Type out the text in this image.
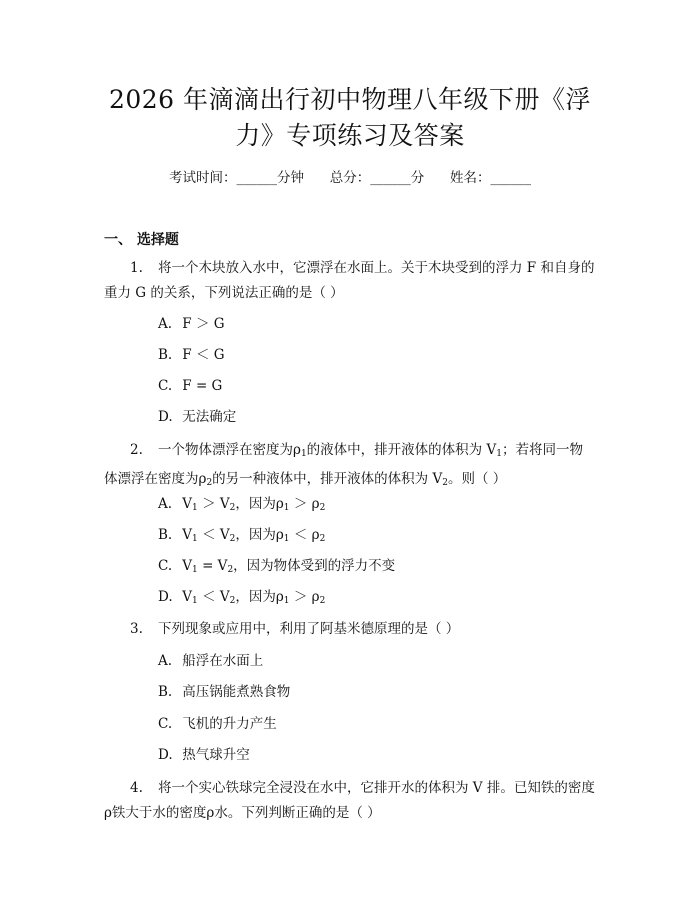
2026 年滴滴出行初中物理八年级下册《浮
力》专项练习及答案
考试时间：______分钟      总分：______分      姓名：______
一、 选择题
1. 将一个木块放入水中，它漂浮在水面上。关于木块受到的浮力 F 和自身的
重力 G 的关系，下列说法正确的是（ ）
A. F ＞ G
B. F ＜ G
C. F = G
D. 无法确定
2. 一个物体漂浮在密度为$\rho_1$的液体中，排开液体的体积为 $V_1$；若将同一物
体漂浮在密度为$\rho_2$的另一种液体中，排开液体的体积为 $V_2$。则（ ）
A. $V_1 > V_2$，因为$\rho_1 > \rho_2$
B. $V_1 < V_2$，因为$\rho_1 < \rho_2$
C. $V_1 = V_2$，因为物体受到的浮力不变
D. $V_1 < V_2$，因为$\rho_1 > \rho_2$
3. 下列现象或应用中，利用了阿基米德原理的是（ ）
A. 船浮在水面上
B. 高压锅能煮熟食物
C. 飞机的升力产生
D. 热气球升空
4. 将一个实心铁球完全浸没在水中，它排开水的体积为 V 排。已知铁的密度
ρ铁大于水的密度ρ水。下列判断正确的是（ ）
